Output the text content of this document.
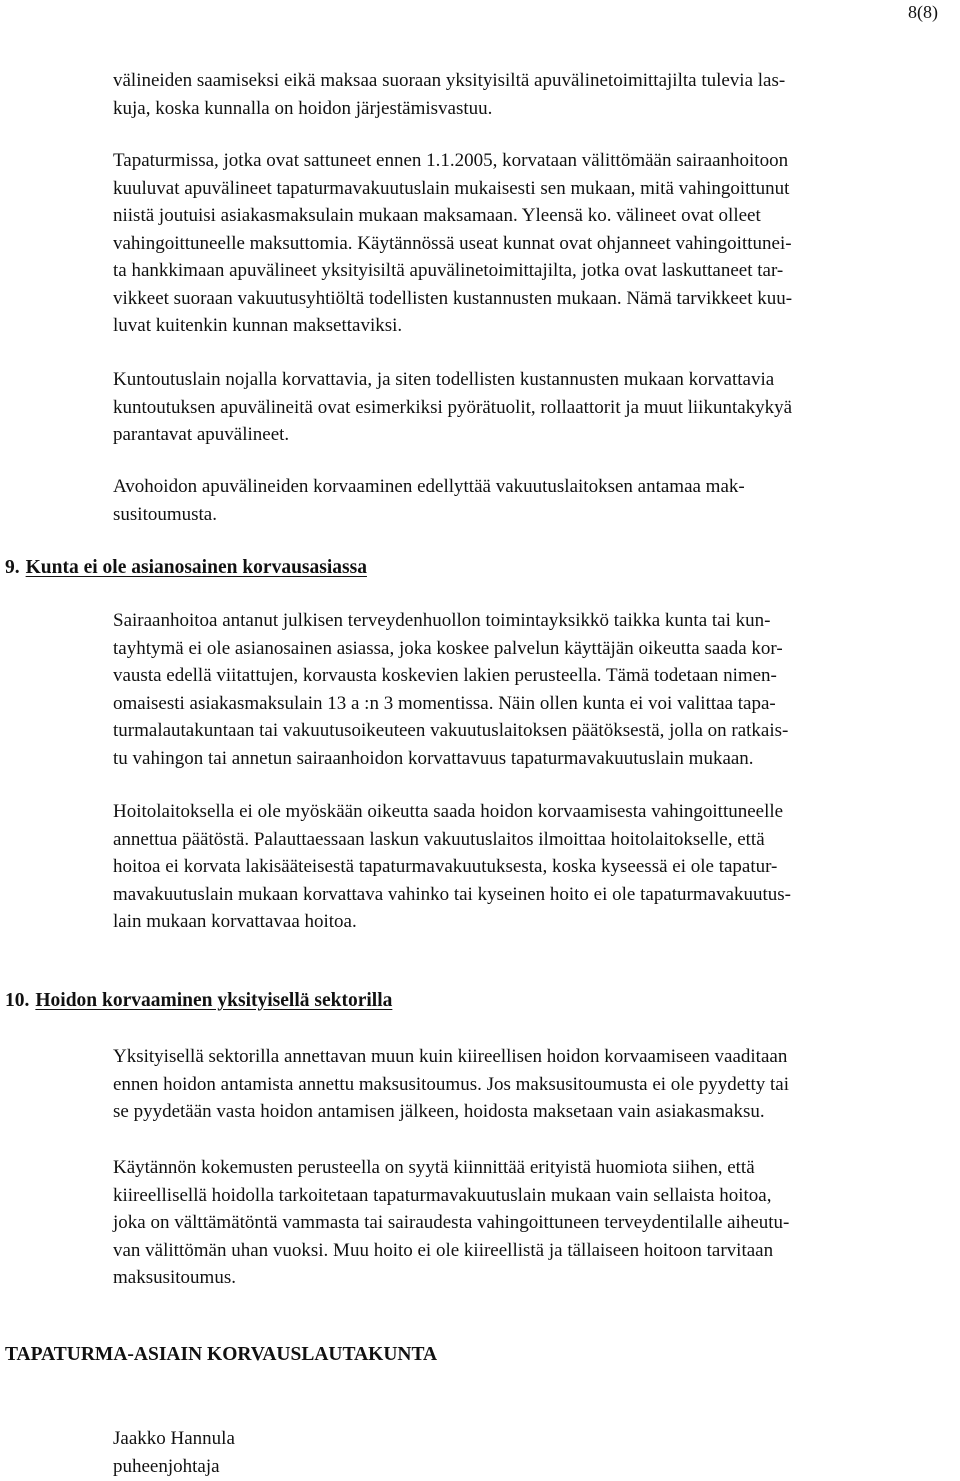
8(8)

välineiden saamiseksi eikä maksaa suoraan yksityisiltä apuvälinetoimittajilta tulevia las-
kuja, koska kunnalla on hoidon järjestämisvastuu.

Tapaturmissa, jotka ovat sattuneet ennen 1.1.2005, korvataan välittömään sairaanhoitoon
kuuluvat apuvälineet tapaturmavakuutuslain mukaisesti sen mukaan, mitä vahingoittunut
niistä joutuisi asiakasmaksulain mukaan maksamaan. Yleensä ko. välineet ovat olleet
vahingoittuneelle maksuttomia. Käytännössä useat kunnat ovat ohjanneet vahingoittunei-
ta hankkimaan apuvälineet yksityisiltä apuvälinetoimittajilta, jotka ovat laskuttaneet tar-
vikkeet suoraan vakuutusyhtiöltä todellisten kustannusten mukaan. Nämä tarvikkeet kuu-
luvat kuitenkin kunnan maksettaviksi.

Kuntoutuslain nojalla korvattavia, ja siten todellisten kustannusten mukaan korvattavia
kuntoutuksen apuvälineitä ovat esimerkiksi pyörätuolit, rollaattorit ja muut liikuntakykyä
parantavat apuvälineet.

Avohoidon apuvälineiden korvaaminen edellyttää vakuutuslaitoksen antamaa mak-
susitoumusta.

9. Kunta ei ole asianosainen korvausasiassa

Sairaanhoitoa antanut julkisen terveydenhuollon toimintayksikkö taikka kunta tai kun-
tayhtymä ei ole asianosainen asiassa, joka koskee palvelun käyttäjän oikeutta saada kor-
vausta edellä viitattujen, korvausta koskevien lakien perusteella. Tämä todetaan nimen-
omaisesti asiakasmaksulain 13 a :n 3 momentissa. Näin ollen kunta ei voi valittaa tapa-
turmalautakuntaan tai vakuutusoikeuteen vakuutuslaitoksen päätöksestä, jolla on ratkais-
tu vahingon tai annetun sairaanhoidon korvattavuus tapaturmavakuutuslain mukaan.

Hoitolaitoksella ei ole myöskään oikeutta saada hoidon korvaamisesta vahingoittuneelle
annettua päätöstä. Palauttaessaan laskun vakuutuslaitos ilmoittaa hoitolaitokselle, että
hoitoa ei korvata lakisääteisestä tapaturmavakuutuksesta, koska kyseessä ei ole tapatur-
mavakuutuslain mukaan korvattava vahinko tai kyseinen hoito ei ole tapaturmavakuutus-
lain mukaan korvattavaa hoitoa.

10. Hoidon korvaaminen yksityisellä sektorilla

Yksityisellä sektorilla annettavan muun kuin kiireellisen hoidon korvaamiseen vaaditaan
ennen hoidon antamista annettu maksusitoumus. Jos maksusitoumusta ei ole pyydetty tai
se pyydetään vasta hoidon antamisen jälkeen, hoidosta maksetaan vain asiakasmaksu.

Käytännön kokemusten perusteella on syytä kiinnittää erityistä huomiota siihen, että
kiireellisellä hoidolla tarkoitetaan tapaturmavakuutuslain mukaan vain sellaista hoitoa,
joka on välttämätöntä vammasta tai sairaudesta vahingoittuneen terveydentilalle aiheutu-
van välittömän uhan vuoksi. Muu hoito ei ole kiireellistä ja tällaiseen hoitoon tarvitaan
maksusitoumus.

TAPATURMA-ASIAIN KORVAUSLAUTAKUNTA

Jaakko Hannula
puheenjohtaja
